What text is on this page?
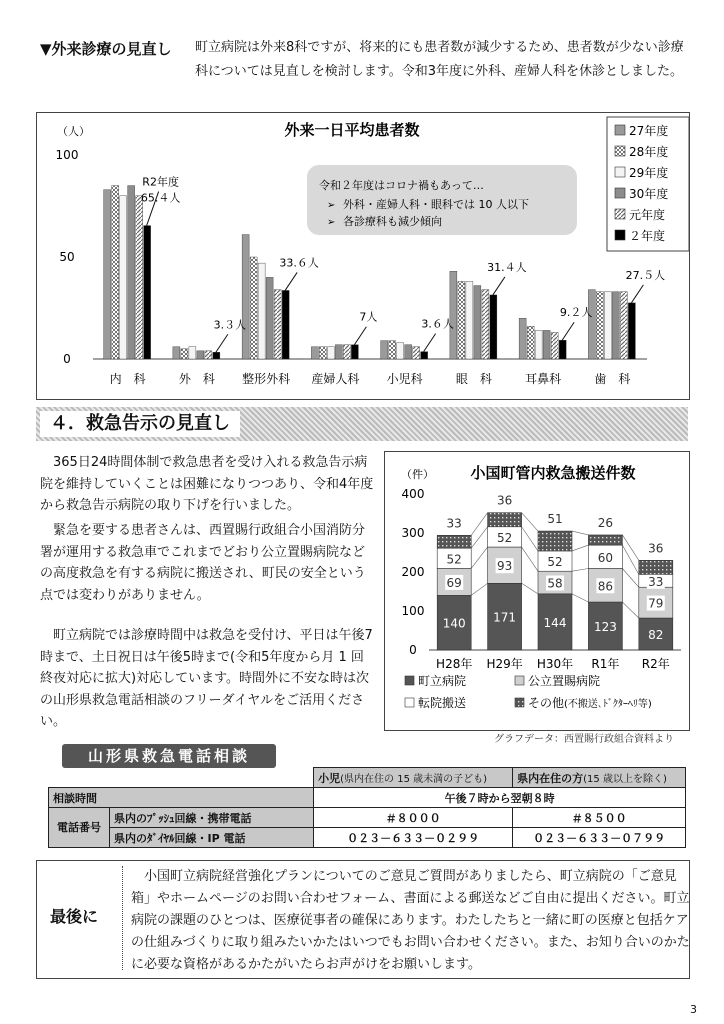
▼外来診療の見直し 町立病院は外来8科ですが、将来的にも患者数が減少するため、患者数が少ない診療科については見直しを検討します。令和3年度に外科、産婦人科を休診としました。
外来一日平均患者数
（人）
0
50
100
R2年度 65.４人
3.３人
33.６人
7人
3.６人
31.４人
9.２人
27.５人
内　科	外　科 整形外科 産婦人科 小児科	眼　科	耳鼻科	歯　科
令和２年度はコロナ禍もあって…
➢ 外科・産婦人科・眼科では 10 人以下
➢ 各診療科も減少傾向
27年度
28年度
29年度
30年度
元年度
２年度
４．救急告示の見直し
365日24時間体制で救急患者を受け入れる救急告示病院を維持していくことは困難になりつつあり、令和4年度から救急告示病院の取り下げを行いました。
緊急を要する患者さんは、西置賜行政組合小国消防分署が運用する救急車でこれまでどおり公立置賜病院などの高度救急を有する病院に搬送され、町民の安全という点では変わりがありません。
町立病院では診療時間中は救急を受付け、平日は午後7時まで、土日祝日は午後5時まで(令和5年度から月 1 回終夜対応に拡大)対応しています。時間外に不安な時は次の山形県救急電話相談のフリーダイヤルをご活用ください。
小国町管内救急搬送件数
（件）
0
100
200
300
400
140
69
52
33
171
93
52
36
144
58
52
51
123
86
60
26
82
79
33
36
H28年 H29年 H30年 R1年 R2年
町立病院	公立置賜病院
転院搬送	その他(不搬送､ﾄﾞｸﾀｰﾍﾘ等)
グラフデータ：西置賜行政組合資料より
山形県救急電話相談
		小児(県内在住の 15 歳未満の子ども)	県内在住の方(15 歳以上を除く)
相談時間		午後７時から翌朝８時	
電話番号	県内のﾌﾟｯｼｭ回線・携帯電話	＃８０００	＃８５００
	県内のﾀﾞｲﾔﾙ回線・IP 電話	０２３－６３３－０２９９	０２３－６３３－０７９９
最後に
小国町立病院経営強化プランについてのご意見ご質問がありましたら、町立病院の「ご意見箱」やホームページのお問い合わせフォーム、書面による郵送などご自由に提出ください。町立病院の課題のひとつは、医療従事者の確保にあります。わたしたちと一緒に町の医療と包括ケアの仕組みづくりに取り組みたいかたはいつでもお問い合わせください。また、お知り合いのかたに必要な資格があるかたがいたらお声がけをお願いします。
3
